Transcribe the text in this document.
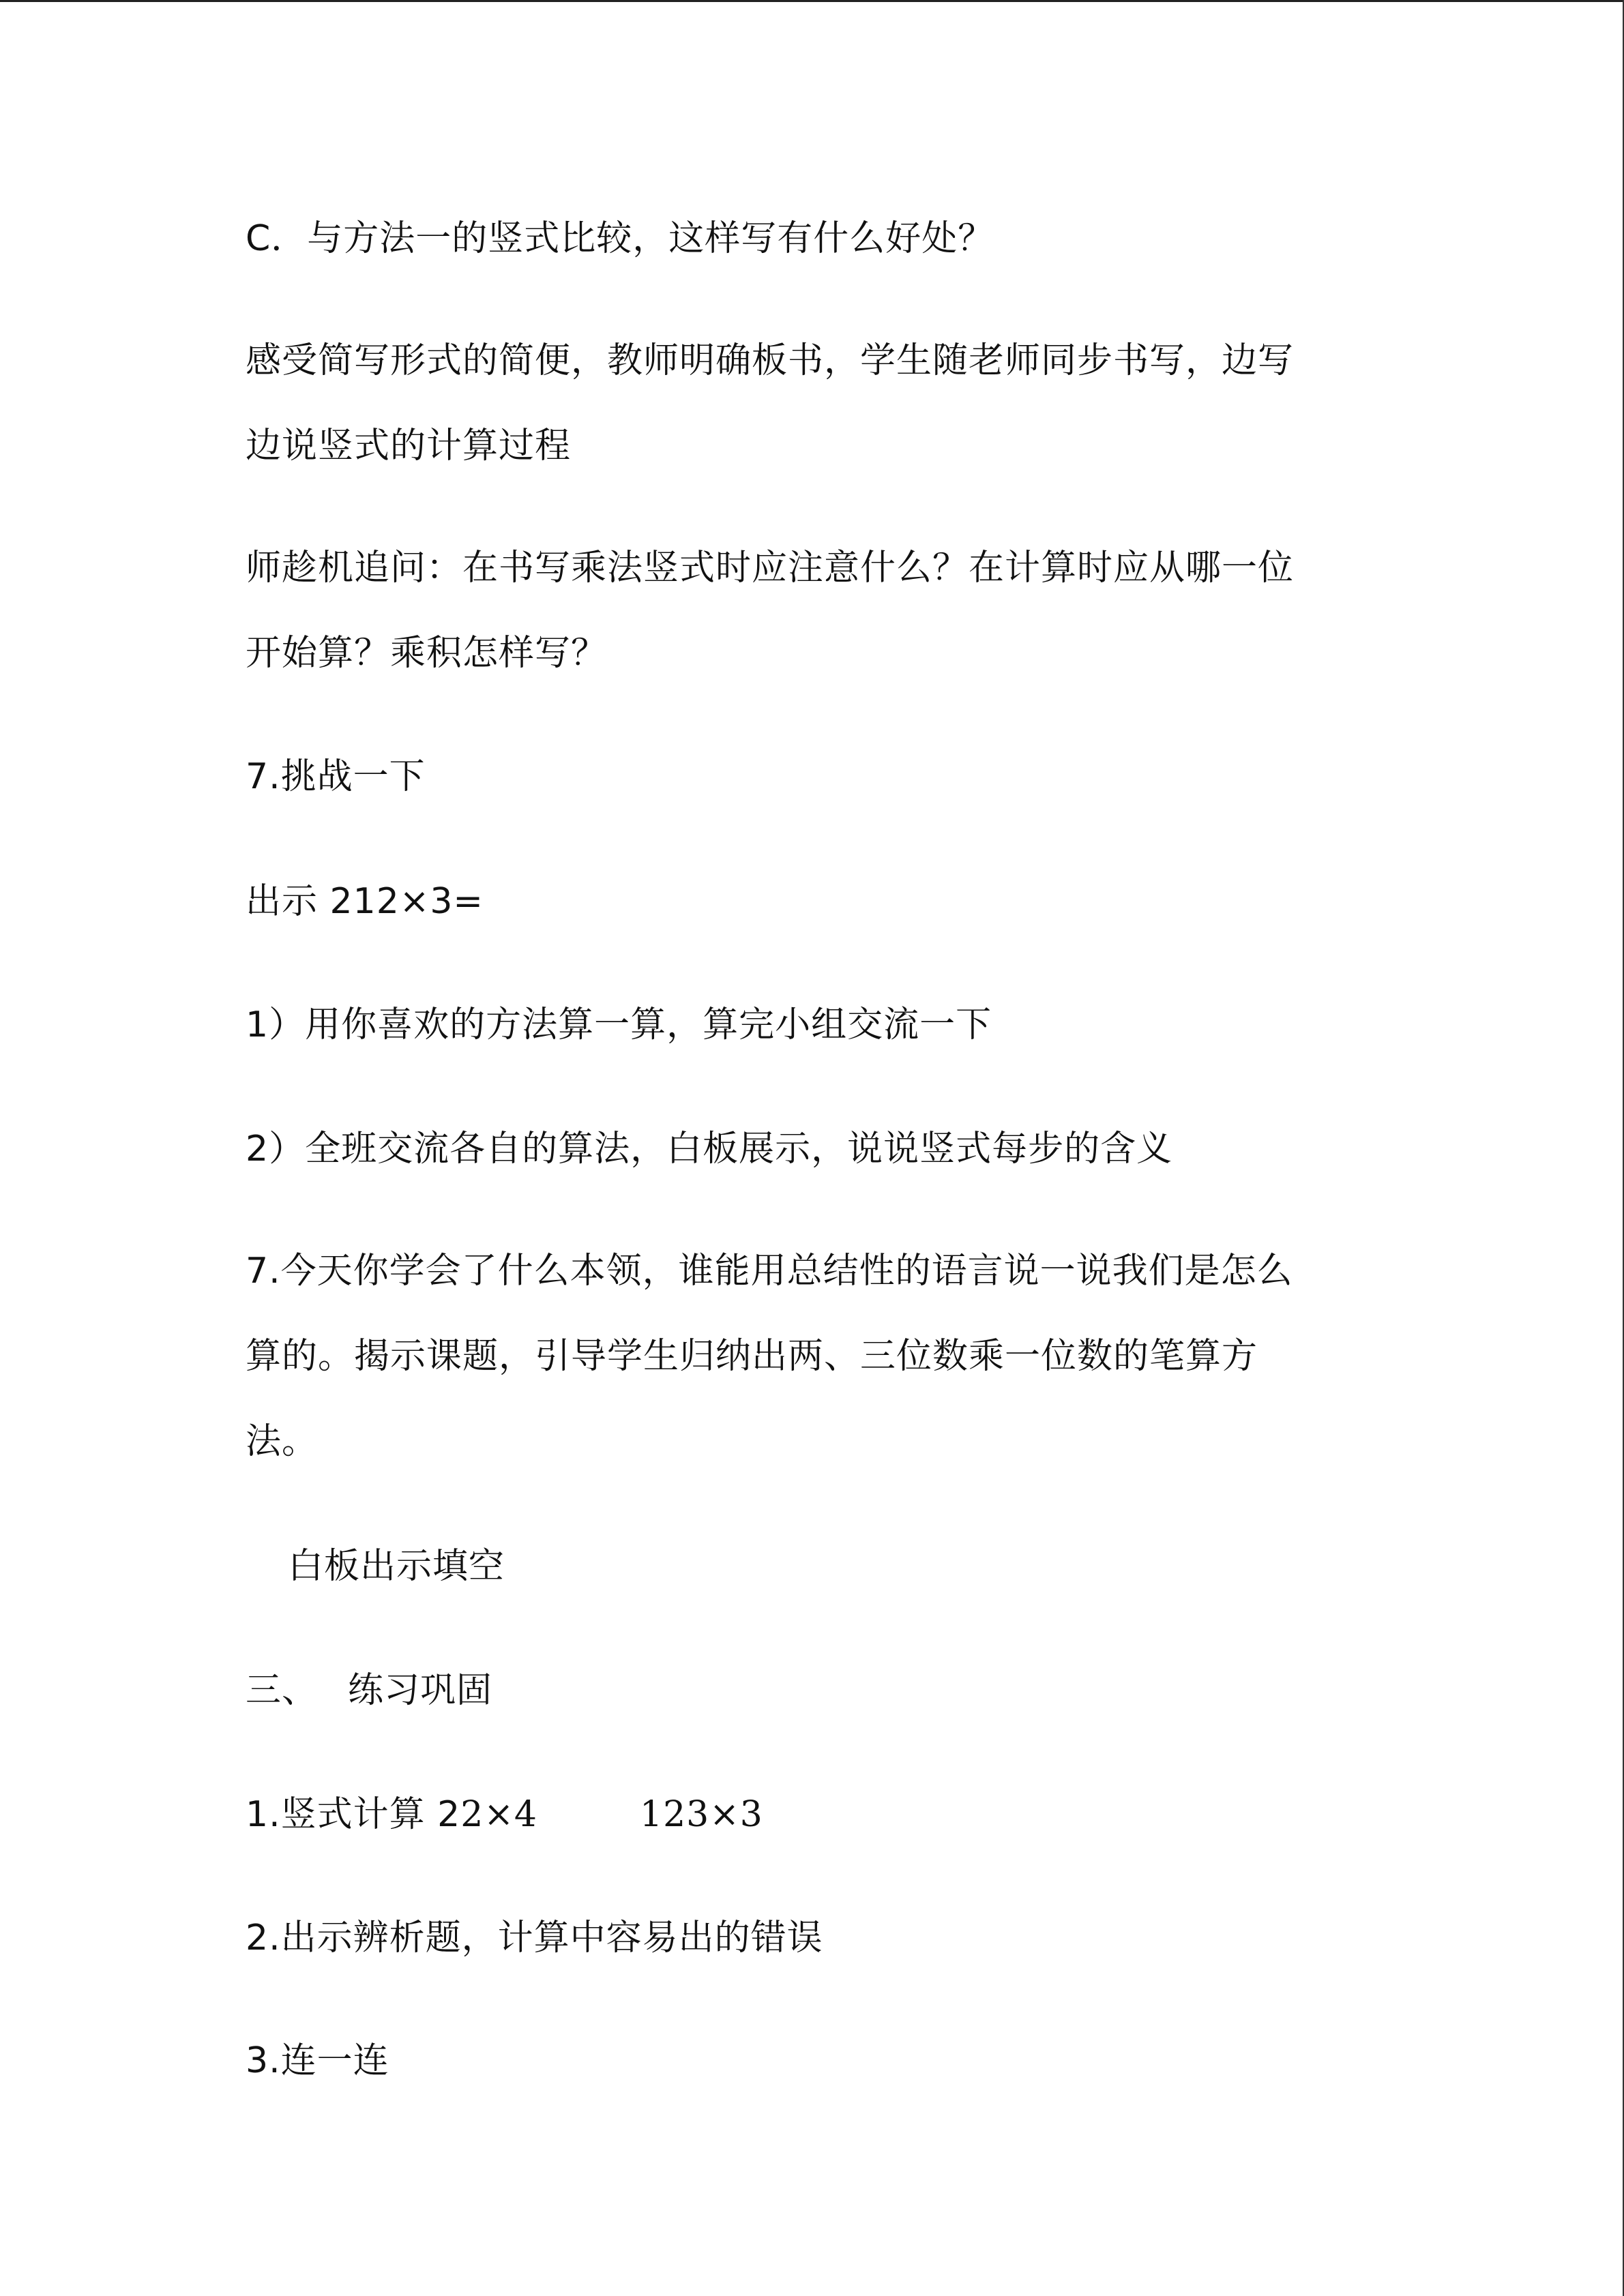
C．与方法一的竖式比较，这样写有什么好处？
感受简写形式的简便，教师明确板书，学生随老师同步书写，边写
边说竖式的计算过程
师趁机追问：在书写乘法竖式时应注意什么？在计算时应从哪一位
开始算？乘积怎样写？
7.挑战一下
出示 212×3=
1）用你喜欢的方法算一算，算完小组交流一下
2）全班交流各自的算法，白板展示，说说竖式每步的含义
7.今天你学会了什么本领，谁能用总结性的语言说一说我们是怎么
算的。揭示课题，引导学生归纳出两、三位数乘一位数的笔算方
法。
白板出示填空
三、 练习巩固
1.竖式计算 22×4	123×3
2.出示辨析题，计算中容易出的错误
3.连一连
